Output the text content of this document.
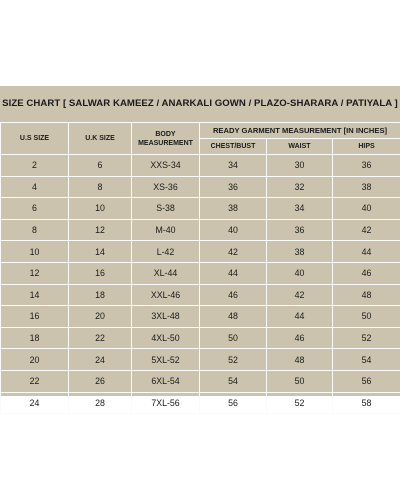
SIZE CHART [ SALWAR KAMEEZ / ANARKALI GOWN / PLAZO-SHARARA / PATIYALA ]
U.S SIZE	U.K SIZE	BODY MEASUREMENT	READY GARMENT MEASUREMENT [IN INCHES]		
			CHEST/BUST	WAIST	HIPS
2	6	XXS-34	34	30	36
4	8	XS-36	36	32	38
6	10	S-38	38	34	40
8	12	M-40	40	36	42
10	14	L-42	42	38	44
12	16	XL-44	44	40	46
14	18	XXL-46	46	42	48
16	20	3XL-48	48	44	50
18	22	4XL-50	50	46	52
20	24	5XL-52	52	48	54
22	26	6XL-54	54	50	56
24	28	7XL-56	56	52	58
